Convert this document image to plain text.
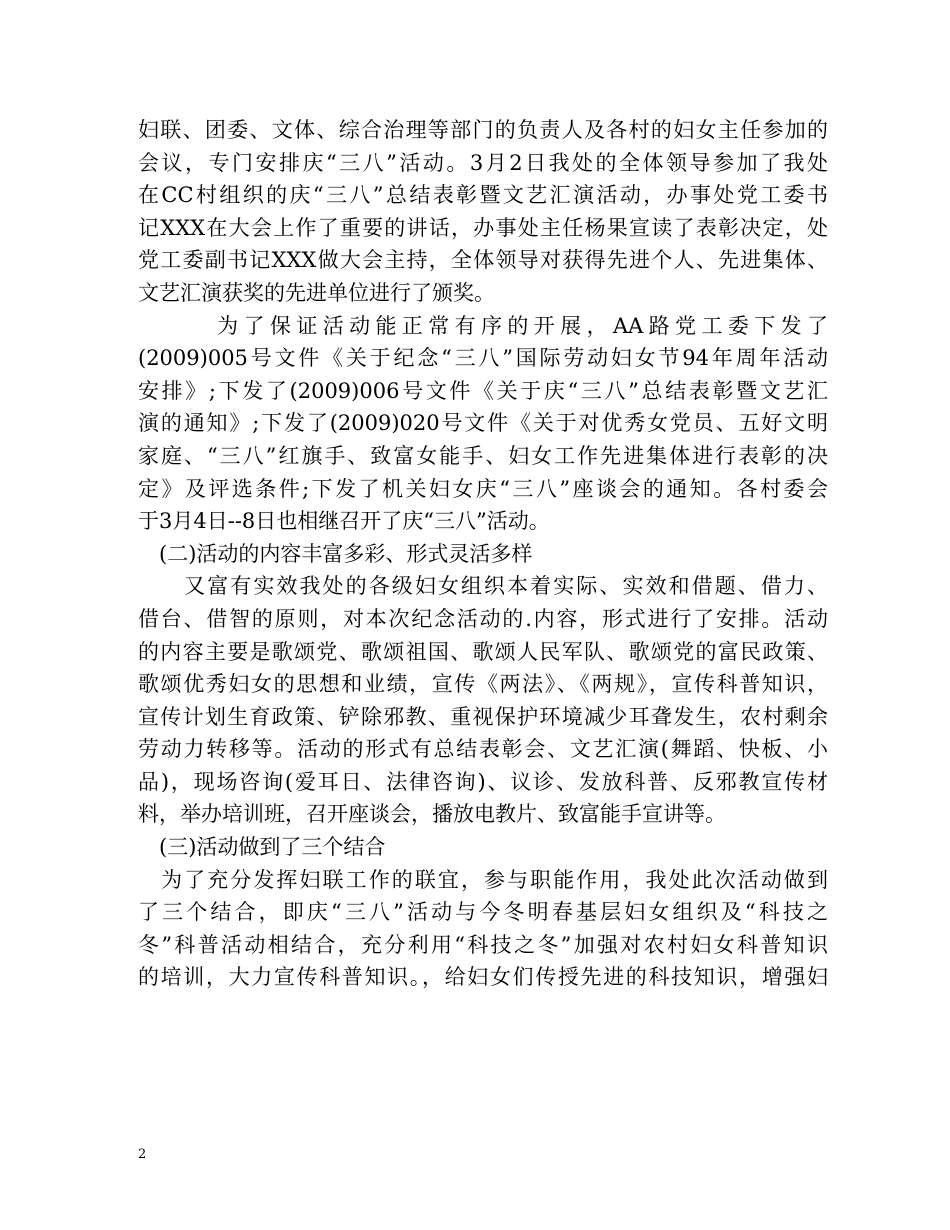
妇联、团委、文体、综合治理等部门的负责人及各村的妇女主任参加的
会议，专门安排庆“三八”活动。3月2日我处的全体领导参加了我处
在CC村组织的庆“三八”总结表彰暨文艺汇演活动，办事处党工委书
记XXX在大会上作了重要的讲话，办事处主任杨果宣读了表彰决定，处
党工委副书记XXX做大会主持，全体领导对获得先进个人、先进集体、
文艺汇演获奖的先进单位进行了颁奖。
　　　为了保证活动能正常有序的开展，AA路党工委下发了
(2009)005号文件《关于纪念“三八”国际劳动妇女节94年周年活动
安排》;下发了(2009)006号文件《关于庆“三八”总结表彰暨文艺汇
演的通知》;下发了(2009)020号文件《关于对优秀女党员、五好文明
家庭、“三八”红旗手、致富女能手、妇女工作先进集体进行表彰的决
定》及评选条件;下发了机关妇女庆“三八”座谈会的通知。各村委会
于3月4日--8日也相继召开了庆“三八”活动。
　(二)活动的内容丰富多彩、形式灵活多样
　　又富有实效我处的各级妇女组织本着实际、实效和借题、借力、
借台、借智的原则，对本次纪念活动的.内容，形式进行了安排。活动
的内容主要是歌颂党、歌颂祖国、歌颂人民军队、歌颂党的富民政策、
歌颂优秀妇女的思想和业绩，宣传《两法》、《两规》，宣传科普知识，
宣传计划生育政策、铲除邪教、重视保护环境减少耳聋发生，农村剩余
劳动力转移等。活动的形式有总结表彰会、文艺汇演(舞蹈、快板、小
品)，现场咨询(爱耳日、法律咨询)、议诊、发放科普、反邪教宣传材
料，举办培训班，召开座谈会，播放电教片、致富能手宣讲等。
　(三)活动做到了三个结合
　为了充分发挥妇联工作的联宜，参与职能作用，我处此次活动做到
了三个结合，即庆“三八”活动与今冬明春基层妇女组织及“科技之
冬”科普活动相结合，充分利用“科技之冬”加强对农村妇女科普知识
的培训，大力宣传科普知识。，给妇女们传授先进的科技知识，增强妇
2
